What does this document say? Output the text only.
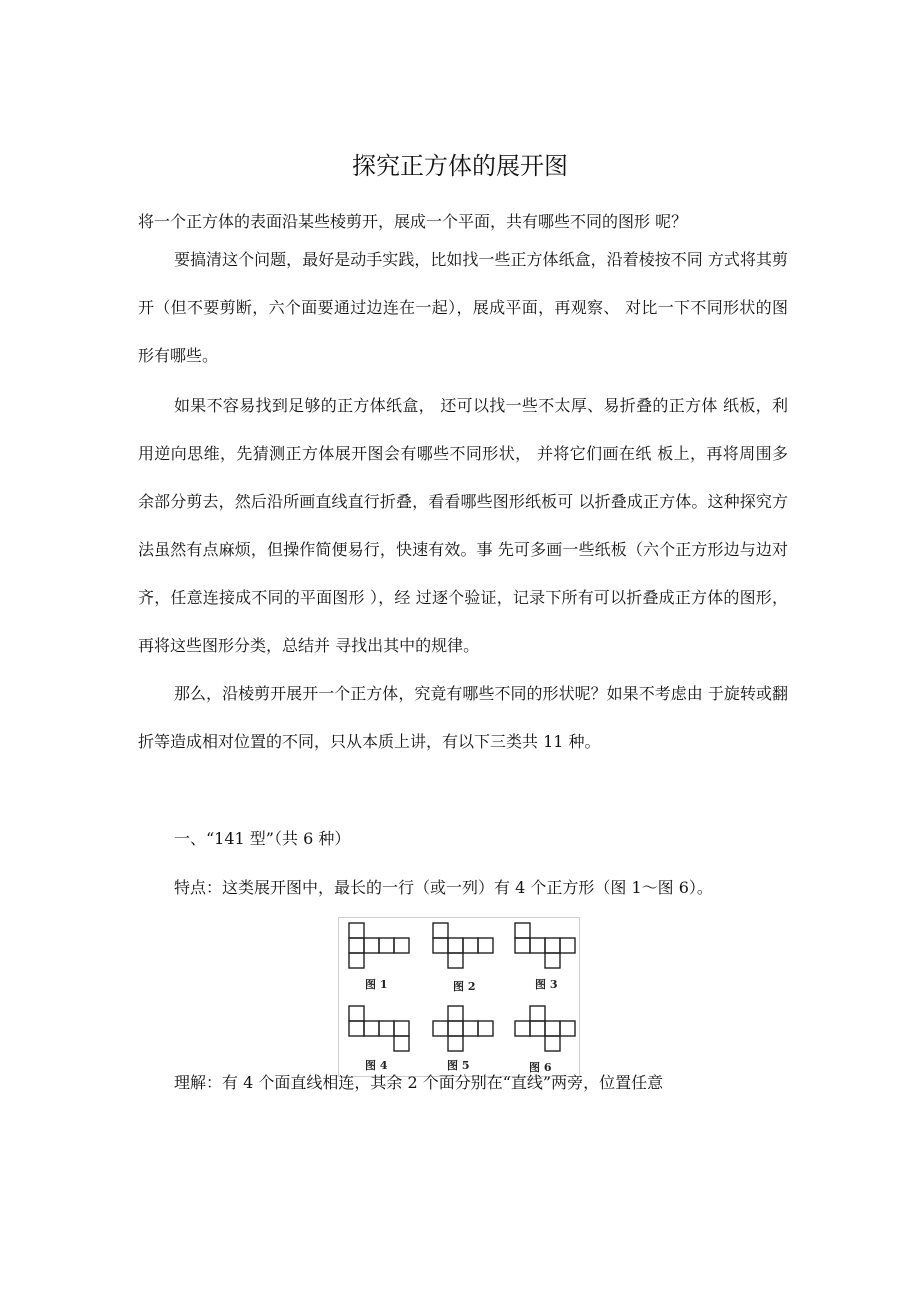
探究正方体的展开图

将一个正方体的表面沿某些棱剪开，展成一个平面，共有哪些不同的图形 呢？

要搞清这个问题，最好是动手实践，比如找一些正方体纸盒，沿着棱按不同 方式将其剪开（但不要剪断，六个面要通过边连在一起），展成平面，再观察、 对比一下不同形状的图形有哪些。

如果不容易找到足够的正方体纸盒， 还可以找一些不太厚、易折叠的正方体 纸板，利用逆向思维，先猜测正方体展开图会有哪些不同形状， 并将它们画在纸 板上，再将周围多余部分剪去，然后沿所画直线直行折叠，看看哪些图形纸板可 以折叠成正方体。这种探究方法虽然有点麻烦，但操作简便易行，快速有效。事 先可多画一些纸板（六个正方形边与边对齐，任意连接成不同的平面图形 ），经 过逐个验证，记录下所有可以折叠成正方体的图形， 再将这些图形分类，总结并 寻找出其中的规律。

那么，沿棱剪开展开一个正方体，究竟有哪些不同的形状呢？如果不考虑由 于旋转或翻折等造成相对位置的不同，只从本质上讲，有以下三类共 11 种。

一、“141 型”（共 6 种）
特点：这类展开图中，最长的一行（或一列）有 4 个正方形（图 1～图 6）。
图 1	图 2	图 3
图 4	图 5	图 6
理解：有 4 个面直线相连，其余 2 个面分别在“直线”两旁，位置任意
